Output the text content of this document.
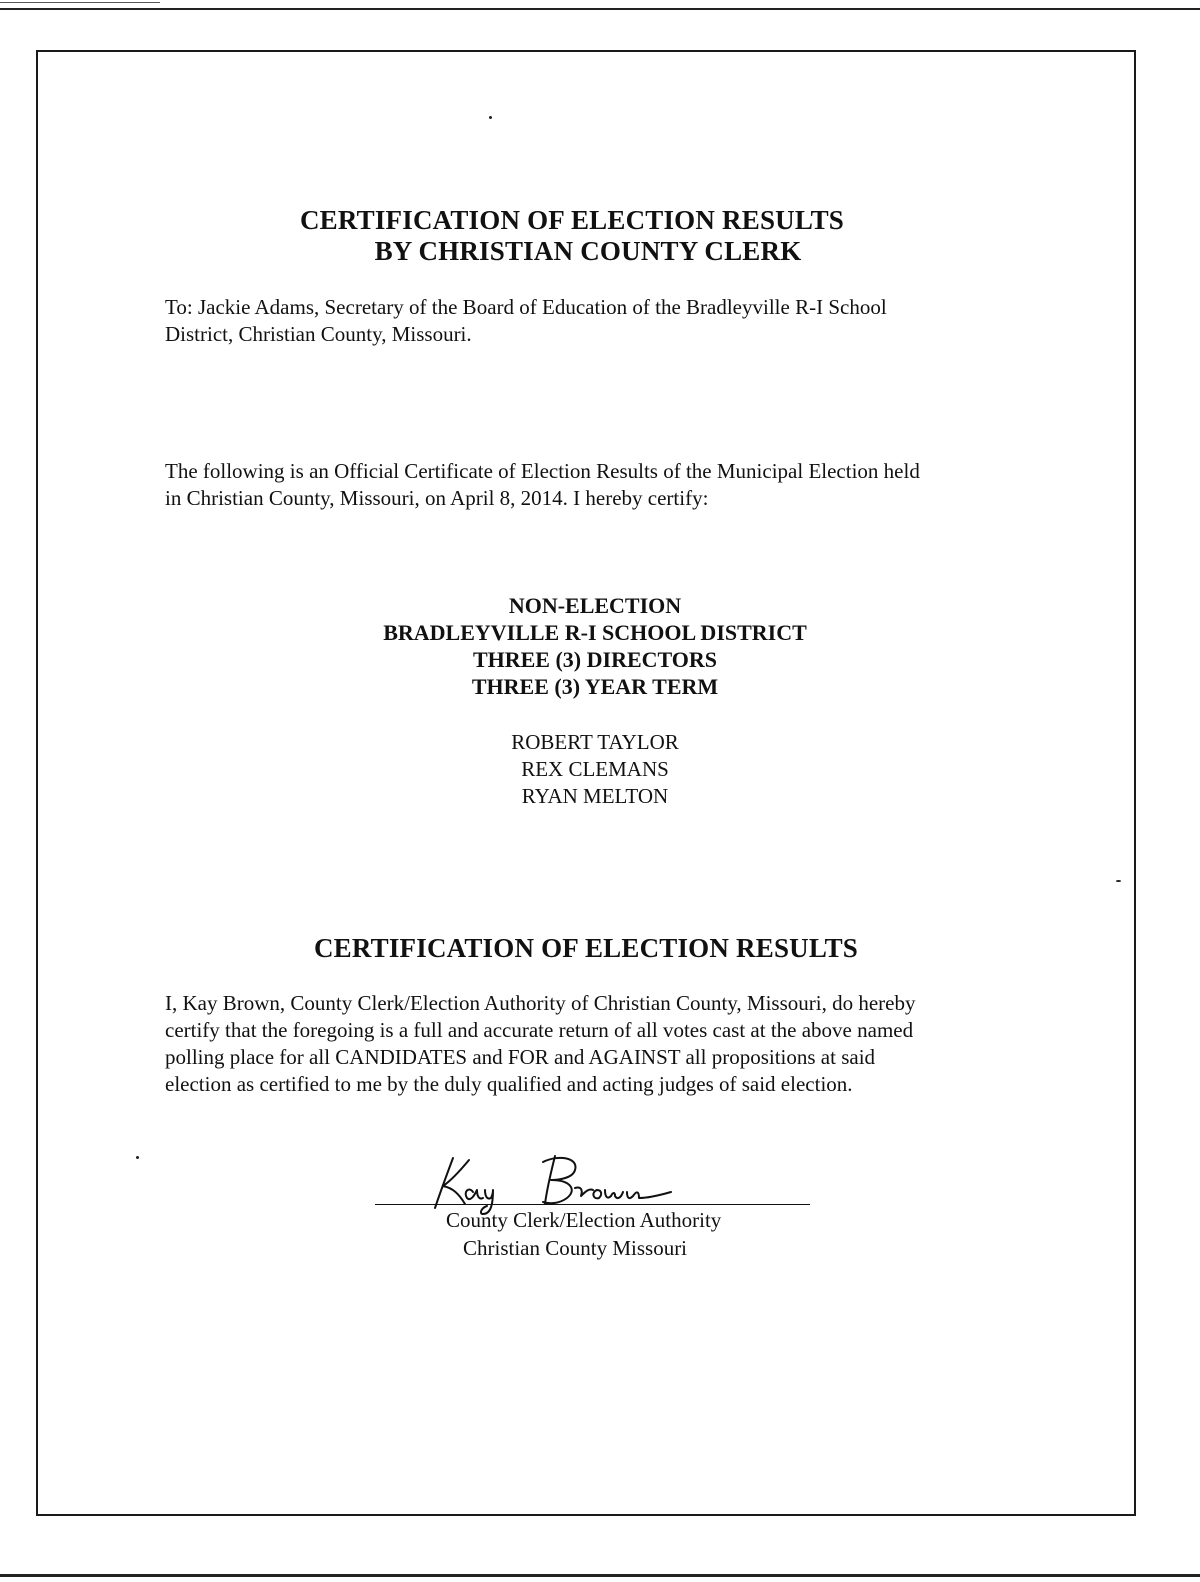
CERTIFICATION OF ELECTION RESULTS
BY CHRISTIAN COUNTY CLERK
To: Jackie Adams, Secretary of the Board of Education of the Bradleyville R-I School
District, Christian County, Missouri.
The following is an Official Certificate of Election Results of the Municipal Election held
in Christian County, Missouri, on April 8, 2014. I hereby certify:
NON-ELECTION
BRADLEYVILLE R-I SCHOOL DISTRICT
THREE (3) DIRECTORS
THREE (3) YEAR TERM
ROBERT TAYLOR
REX CLEMANS
RYAN MELTON
CERTIFICATION OF ELECTION RESULTS
I, Kay Brown, County Clerk/Election Authority of Christian County, Missouri, do hereby
certify that the foregoing is a full and accurate return of all votes cast at the above named
polling place for all CANDIDATES and FOR and AGAINST all propositions at said
election as certified to me by the duly qualified and acting judges of said election.
County Clerk/Election Authority
Christian County Missouri
